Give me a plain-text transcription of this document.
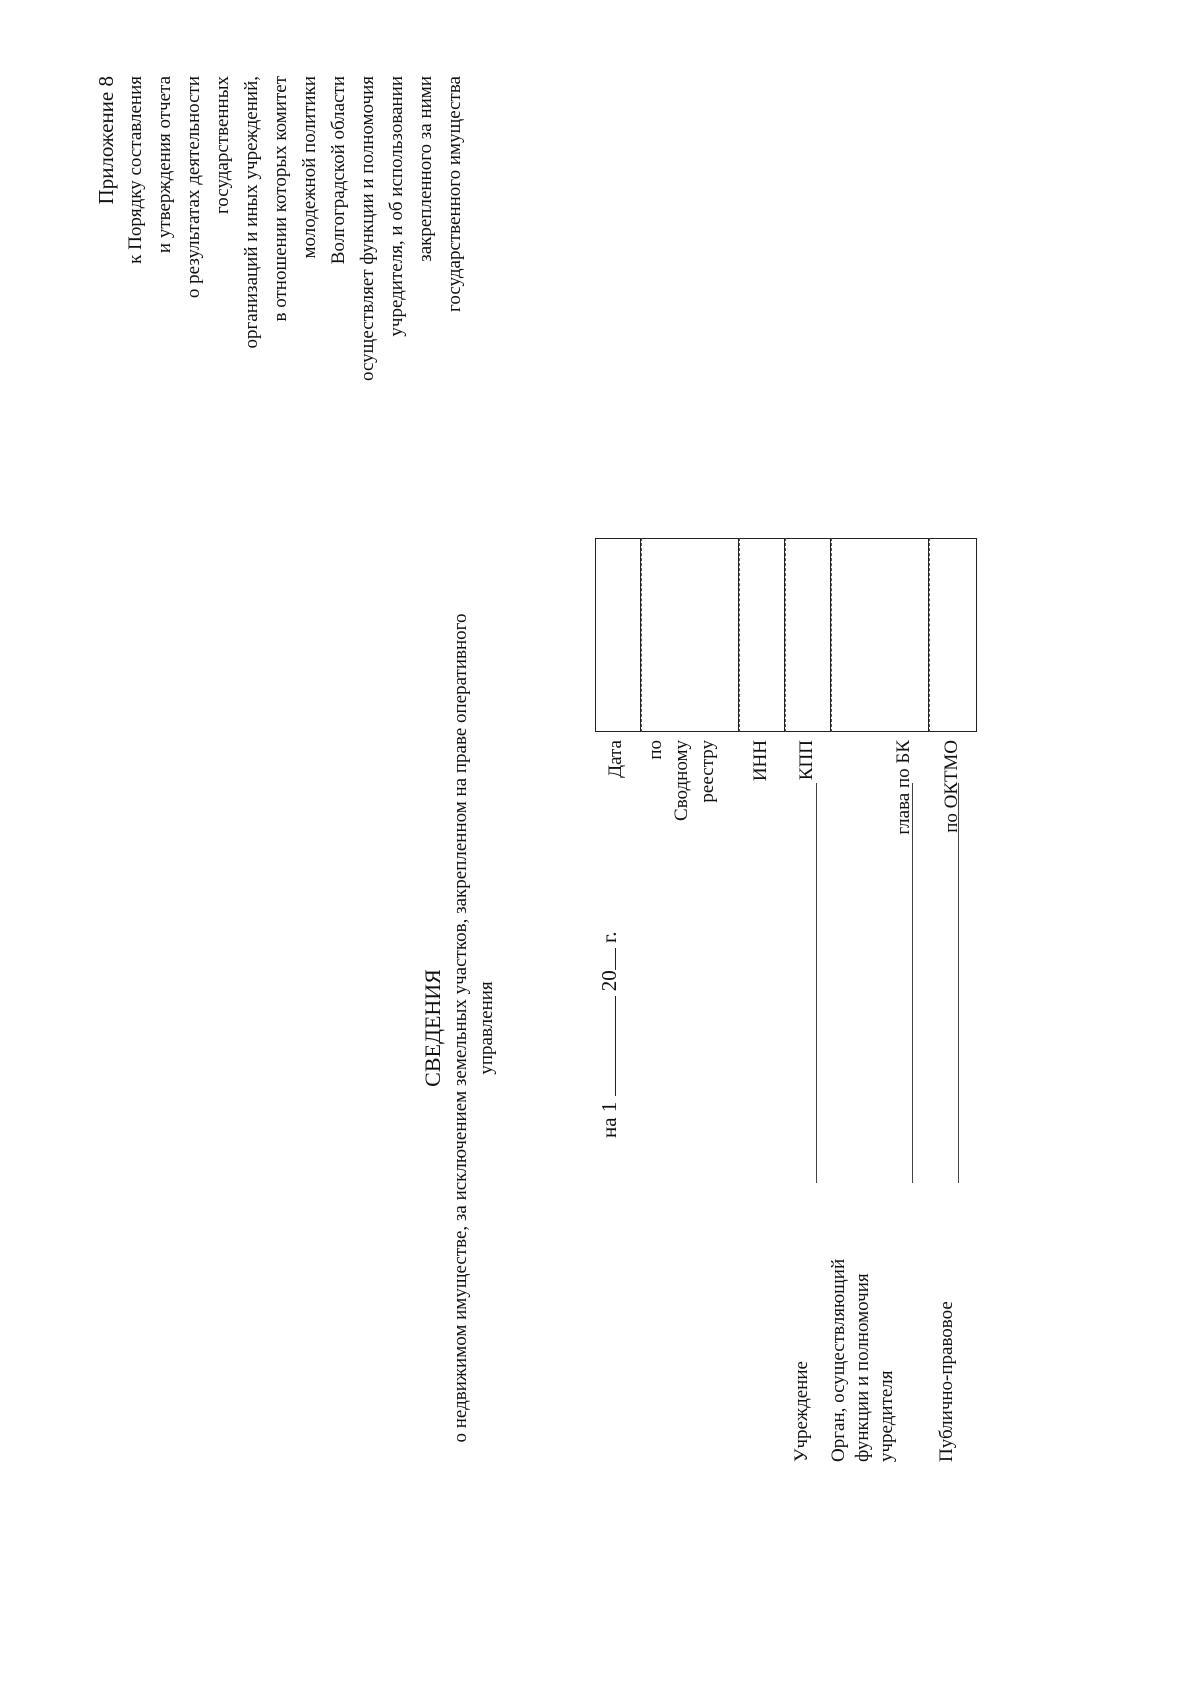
Приложение 8 к Порядку составления и утверждения отчета о результатах деятельности государственных организаций и иных учреждений, в отношении которых комитет молодежной политики Волгоградской области осуществляет функции и полномочия учредителя, и об использовании закрепленного за ними государственного имущества
СВЕДЕНИЯ о недвижимом имуществе, за исключением земельных участков, закрепленном на праве оперативного управления
на 1  20 г.
Учреждение Орган, осуществляющий функции и полномочия учредителя Публично-правовое
Дата по Сводному реестру ИНН КПП	глава по БК по ОКТМО
